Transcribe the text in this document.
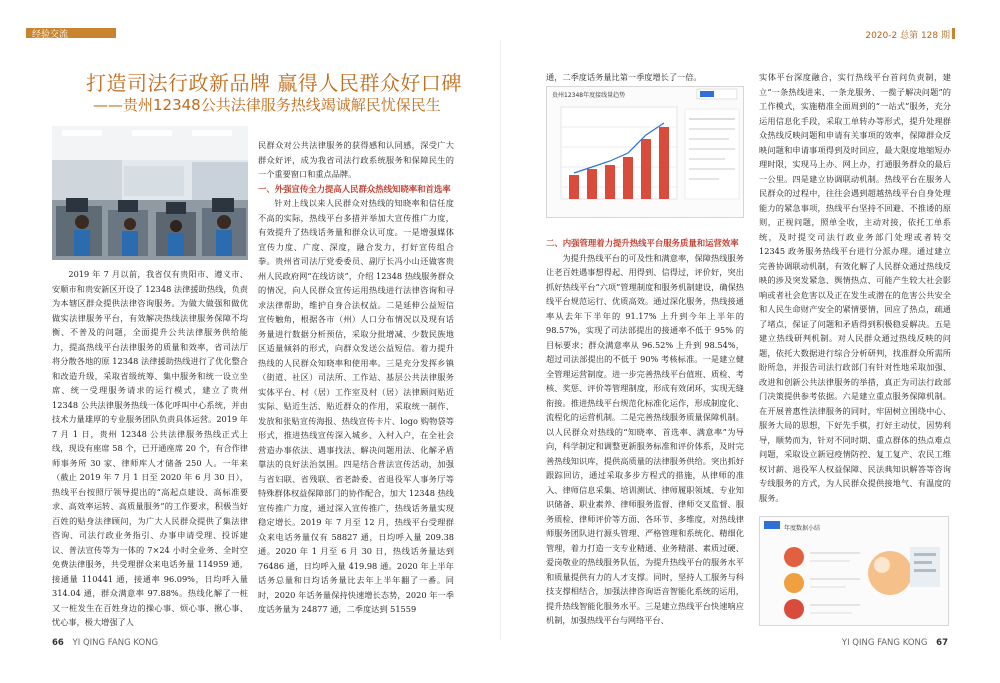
经验交流	2020-2 总第 128 期
打造司法行政新品牌 赢得人民群众好口碑
——贵州12348公共法律服务热线竭诚解民忧保民生

2019 年 7 月以前，我省仅有贵阳市、遵义市、安顺市和贵安新区开设了 12348 法律援助热线，负责为本辖区群众提供法律咨询服务。为做大做强和做优做实法律服务平台，有效解决热线法律服务保障不均衡、不普及的问题，全面提升公共法律服务供给能力，提高热线平台法律服务的质量和效率，省司法厅将分散各地的原 12348 法律援助热线进行了优化整合和改造升级，采取省级统筹、集中服务和统一设立坐席、统一受理服务请求的运行模式，建立了贵州 12348 公共法律服务热线一体化呼叫中心系统，并由技术力量雄厚的专业服务团队负责具体运营。2019 年 7 月 1 日，贵州 12348 公共法律服务热线正式上线，现设有座席 58 个，已开通座席 20 个，有合作律师事务所 30 家、律师库人才储备 250 人。一年来（截止 2019 年 7 月 1 日至 2020 年 6 月 30 日），热线平台按照厅领导提出的“高起点建设、高标准要求、高效率运转、高质量服务”的工作要求，积极当好百姓的贴身法律顾问，为广大人民群众提供了集法律咨询、司法行政业务指引、办事申请受理、投诉建议、普法宣传等为一体的 7×24 小时全业务、全时空免费法律服务，共受理群众来电话务量 114959 通，接通量 110441 通，接通率 96.09%，日均呼入量 314.04 通，群众满意率 97.88%。热线化解了一桩又一桩发生在百姓身边的操心事、烦心事、揪心事、忧心事，极大增强了人

民群众对公共法律服务的获得感和认同感，深受广大群众好评，成为我省司法行政系统服务和保障民生的一个重要窗口和重点品牌。

一、外强宣传全力提高人民群众热线知晓率和首选率

针对上线以来人民群众对热线的知晓率和信任度不高的实际，热线平台多措并举加大宣传推广力度，有效提升了热线话务量和群众认可度。一是增强媒体宣传力度、广度、深度，融合发力，打好宣传组合拳。贵州省司法厅党委委员、副厅长冯小山还做客贵州人民政府网“在线访谈”，介绍 12348 热线服务群众的情况，向人民群众宣传运用热线进行法律咨询和寻求法律帮助，维护自身合法权益。二是延伸公益短信宣传触角，根据各市（州）人口分布情况以及现有话务量进行数据分析预估，采取分批增减、少数民族地区适量倾斜的形式，向群众发送公益短信。着力提升热线的人民群众知晓率和使用率。三是充分发挥乡镇（街道、社区）司法所、工作站、基层公共法律服务实体平台、村（居）工作室及村（居）法律顾问贴近实际、贴近生活、贴近群众的作用，采取统一制作、发放和张贴宣传海报、热线宣传卡片、logo 购物袋等形式，推进热线宣传深入城乡、入村入户，在全社会营造办事依法、遇事找法、解决问题用法、化解矛盾靠法的良好法治氛围。四是结合普法宣传活动，加强与省妇联、省残联、省老龄委、省退役军人事务厅等特殊群体权益保障部门的协作配合，加大 12348 热线宣传推广力度，通过深入宣传推广，热线话务量实现稳定增长。2019 年 7 月至 12 月，热线平台受理群众来电话务量仅有 58827 通，日均呼入量 209.38 通。2020 年 1 月至 6 月 30 日，热线话务量达到 76486 通，日均呼入量 419.98 通。2020 年上半年话务总量和日均话务量比去年上半年翻了一番。同时，2020 年话务量保持快速增长态势，2020 年一季度话务量为 24877 通，二季度达到 51559

通，二季度话务量比第一季度增长了一倍。

贵州12348年度接线量趋势
二、内强管理着力提升热线平台服务质量和运营效率

为提升热线平台的可及性和满意率，保障热线服务让老百姓遇事想得起、用得到、信得过，评价好，突出抓好热线平台“六项”管理制度和服务机制建设，确保热线平台规范运行、优质高效。通过深化服务，热线接通率从去年下半年的 91.17% 上升到今年上半年的 98.57%，实现了司法部提出的接通率不低于 95% 的目标要求；群众满意率从 96.52% 上升到 98.54%，超过司法部提出的不低于 90% 考核标准。一是建立健全管理运营制度。进一步完善热线平台值班、质检、考核、奖惩、评价等管理制度，形成有效闭环，实现无缝衔接。推进热线平台规范化标准化运作，形成制度化、流程化的运营机制。二是完善热线服务质量保障机制。以人民群众对热线的“知晓率、首选率、满意率”为导向，科学制定和调整更新服务标准和评价体系，及时完善热线知识库，提供高质量的法律服务供给。突出抓好跟踪回访，通过采取多步方程式的措施，从律师的准入、律师信息采集、培训测试、律师履职领域、专业知识储备、职业素养、律师服务监督、律师交叉监督、服务质检、律师评价等方面、各环节、多维度，对热线律师服务团队进行源头管理、严格管理和系统化、精细化管理，着力打造一支专业精通、业务精湛、素质过硬、爱岗敬业的热线服务队伍，为提升热线平台的服务水平和质量提供有力的人才支撑。同时，坚持人工服务与科技支撑相结合，加强法律咨询语音智能化系统的运用，提升热线智能化服务水平。三是建立热线平台快速响应机制，加强热线平台与网络平台、

实体平台深度融合，实行热线平台首问负责制，建立“一条热线进来、一条龙服务、一揽子解决问题”的工作模式，实施精准全面周到的“一站式”服务，充分运用信息化手段，采取工单转办等形式，提升处理群众热线反映问题和申请有关事项的效率，保障群众反映问题和申请事项得到及时回应，最大限度地缩短办理时限，实现马上办、网上办，打通服务群众的最后一公里。四是建立协调联动机制。热线平台在服务人民群众的过程中，往往会遇到超越热线平台自身处理能力的紧急事项，热线平台坚持不回避、不推诿的原则，正视问题，照单全收，主动对接，依托工单系统，及时提交司法行政业务部门处理或者转交 12345 政务服务热线平台进行分派办理。通过建立完善协调联动机制，有效化解了人民群众通过热线反映的涉及突发紧急、舆情热点、可能产生较大社会影响或者社会危害以及正在发生或潜在的危害公共安全和人民生命财产安全的紧情要情，回应了热点，疏通了堵点，保证了问题和矛盾得到积极稳妥解决。五是建立热线研判机制。对人民群众通过热线反映的问题，依托大数据进行综合分析研判，找准群众所需所盼所急，并报告司法行政部门有针对性地采取加强、改进和创新公共法律服务的举措，真正为司法行政部门决策提供参考依据。六是建立重点服务保障机制。在开展普惠性法律服务的同时，牢固树立围绕中心、服务大局的思想，下好先手棋，打好主动仗，因势利导，顺势而为，针对不同时期、重点群体的热点难点问题，采取设立新冠疫情防控、复工复产、农民工维权讨薪、退役军人权益保障、民法典知识解答等咨询专线服务的方式，为人民群众提供接地气、有温度的服务。

年度数据小结
66 YI QING FANG KONG	YI QING FANG KONG 67
